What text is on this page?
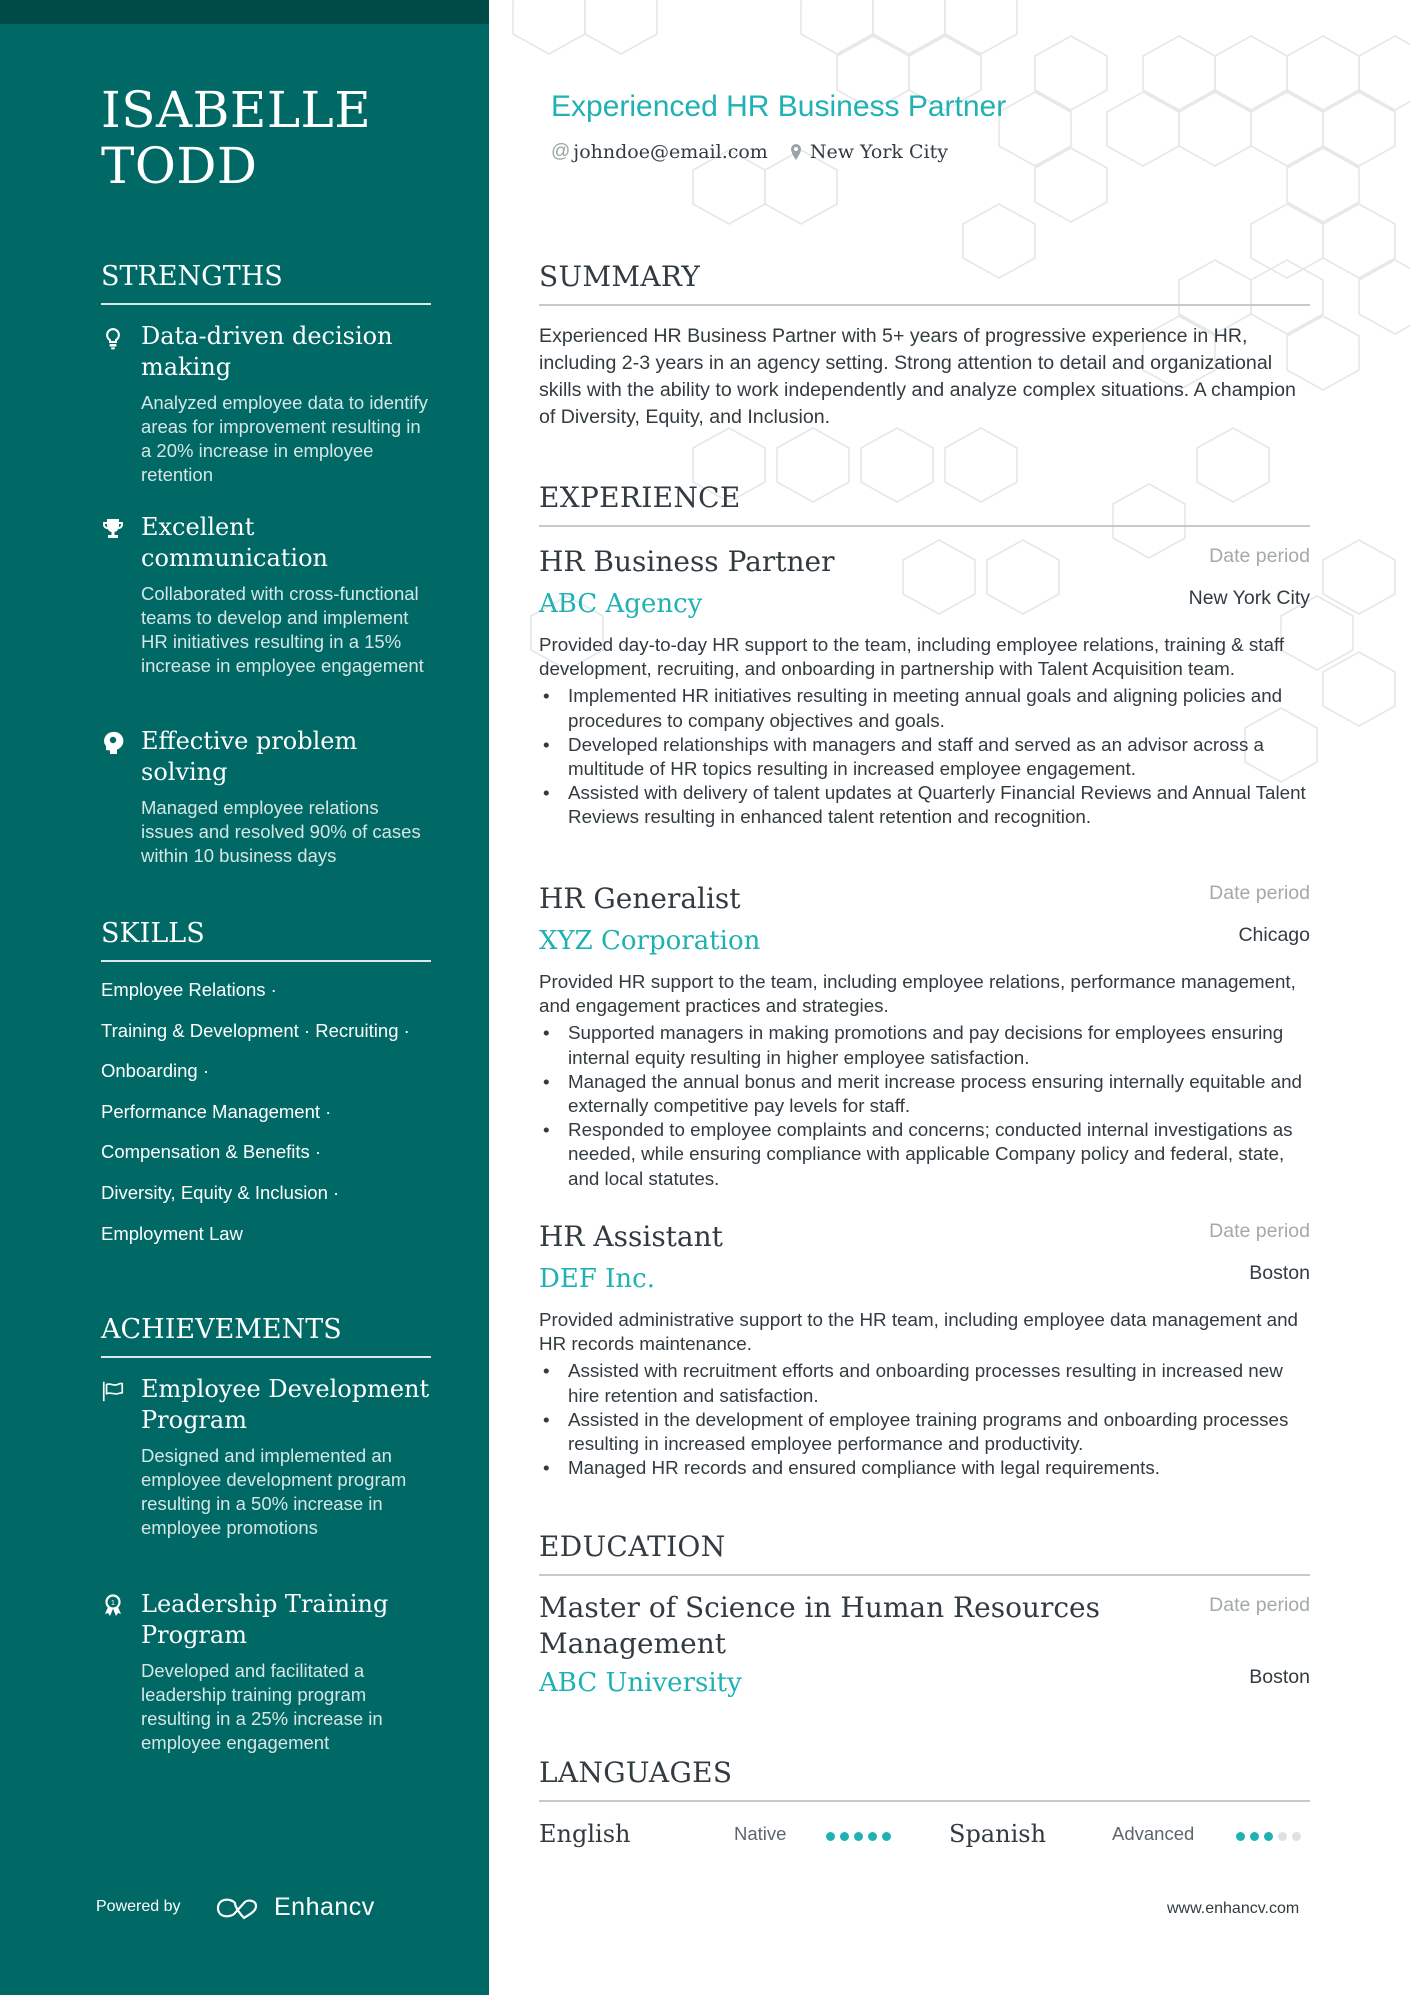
ISABELLE
TODD
STRENGTHS
Data-driven decision making
Analyzed employee data to identify areas for improvement resulting in a 20% increase in employee retention
Excellent communication
Collaborated with cross-functional teams to develop and implement HR initiatives resulting in a 15% increase in employee engagement
Effective problem solving
Managed employee relations issues and resolved 90% of cases within 10 business days
SKILLS
Employee Relations ·
Training & Development · Recruiting ·
Onboarding ·
Performance Management ·
Compensation & Benefits ·
Diversity, Equity & Inclusion ·
Employment Law
ACHIEVEMENTS
Employee Development Program
Designed and implemented an employee development program resulting in a 50% increase in employee promotions
1 Leadership Training Program
Developed and facilitated a leadership training program resulting in a 25% increase in employee engagement
Powered by	Enhancv
Experienced HR Business Partner
@ johndoe@email.com New York City
SUMMARY
Experienced HR Business Partner with 5+ years of progressive experience in HR, including 2-3 years in an agency setting. Strong attention to detail and organizational skills with the ability to work independently and analyze complex situations. A champion of Diversity, Equity, and Inclusion.
EXPERIENCE
HR Business Partner	Date period
ABC Agency	New York City
Provided day-to-day HR support to the team, including employee relations, training & staff development, recruiting, and onboarding in partnership with Talent Acquisition team.
• Implemented HR initiatives resulting in meeting annual goals and aligning policies and procedures to company objectives and goals.
• Developed relationships with managers and staff and served as an advisor across a multitude of HR topics resulting in increased employee engagement.
• Assisted with delivery of talent updates at Quarterly Financial Reviews and Annual Talent Reviews resulting in enhanced talent retention and recognition.
HR Generalist	Date period
XYZ Corporation	Chicago
Provided HR support to the team, including employee relations, performance management, and engagement practices and strategies.
• Supported managers in making promotions and pay decisions for employees ensuring internal equity resulting in higher employee satisfaction.
• Managed the annual bonus and merit increase process ensuring internally equitable and externally competitive pay levels for staff.
• Responded to employee complaints and concerns; conducted internal investigations as needed, while ensuring compliance with applicable Company policy and federal, state, and local statutes.
HR Assistant	Date period
DEF Inc.	Boston
Provided administrative support to the HR team, including employee data management and HR records maintenance.
• Assisted with recruitment efforts and onboarding processes resulting in increased new hire retention and satisfaction.
• Assisted in the development of employee training programs and onboarding processes resulting in increased employee performance and productivity.
• Managed HR records and ensured compliance with legal requirements.
EDUCATION
Master of Science in Human Resources Management
Date period
ABC University	Boston
LANGUAGES
English	Native	Spanish	Advanced
www.enhancv.com
